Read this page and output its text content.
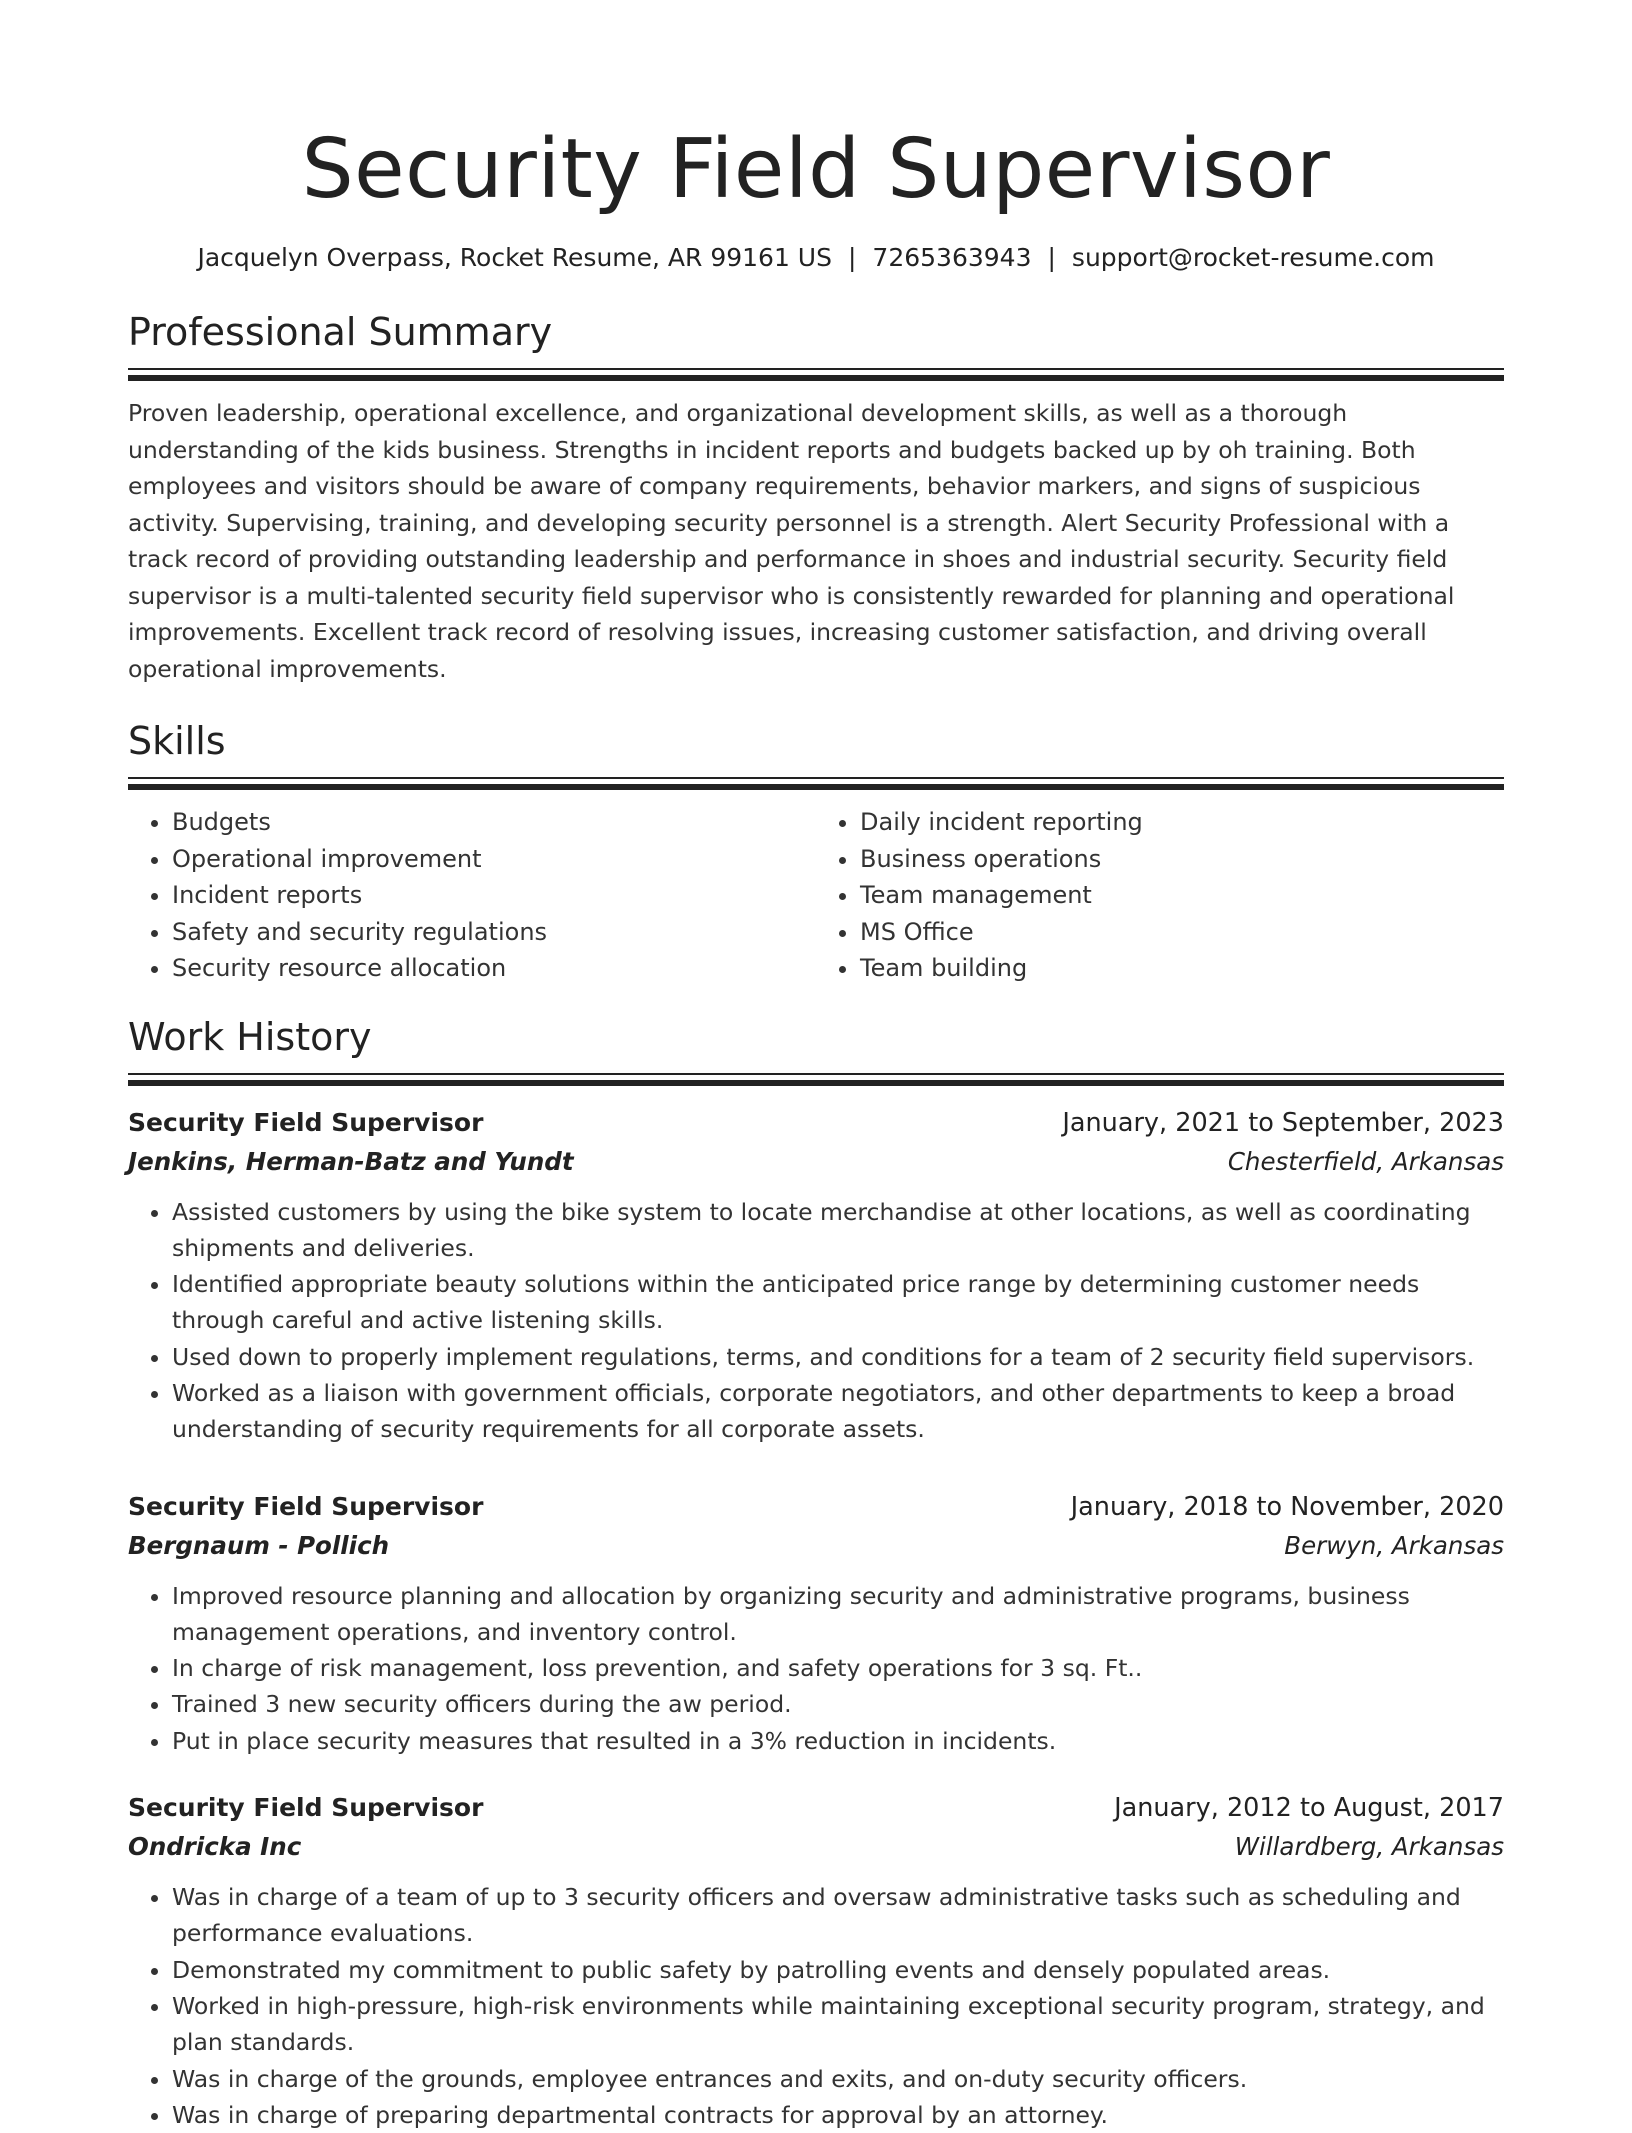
Security Field Supervisor
Jacquelyn Overpass, Rocket Resume, AR 99161 US | 7265363943 | support@rocket-resume.com
Professional Summary

Proven leadership, operational excellence, and organizational development skills, as well as a thorough understanding of the kids business. Strengths in incident reports and budgets backed up by oh training. Both employees and visitors should be aware of company requirements, behavior markers, and signs of suspicious activity. Supervising, training, and developing security personnel is a strength. Alert Security Professional with a track record of providing outstanding leadership and performance in shoes and industrial security. Security field supervisor is a multi-talented security field supervisor who is consistently rewarded for planning and operational improvements. Excellent track record of resolving issues, increasing customer satisfaction, and driving overall operational improvements.

Skills
• Budgets
• Operational improvement
• Incident reports
• Safety and security regulations
• Security resource allocation
• Daily incident reporting
• Business operations
• Team management
• MS Office
• Team building
Work History
Security Field Supervisor	January, 2021 to September, 2023
Jenkins, Herman-Batz and Yundt	Chesterfield, Arkansas
• Assisted customers by using the bike system to locate merchandise at other locations, as well as coordinating shipments and deliveries.
• Identified appropriate beauty solutions within the anticipated price range by determining customer needs through careful and active listening skills.
• Used down to properly implement regulations, terms, and conditions for a team of 2 security field supervisors.
• Worked as a liaison with government officials, corporate negotiators, and other departments to keep a broad understanding of security requirements for all corporate assets.
Security Field Supervisor	January, 2018 to November, 2020
Bergnaum - Pollich	Berwyn, Arkansas
• Improved resource planning and allocation by organizing security and administrative programs, business management operations, and inventory control.
• In charge of risk management, loss prevention, and safety operations for 3 sq. Ft..
• Trained 3 new security officers during the aw period.
• Put in place security measures that resulted in a 3% reduction in incidents.
Security Field Supervisor	January, 2012 to August, 2017
Ondricka Inc	Willardberg, Arkansas
• Was in charge of a team of up to 3 security officers and oversaw administrative tasks such as scheduling and performance evaluations.
• Demonstrated my commitment to public safety by patrolling events and densely populated areas.
• Worked in high-pressure, high-risk environments while maintaining exceptional security program, strategy, and plan standards.
• Was in charge of the grounds, employee entrances and exits, and on-duty security officers.
• Was in charge of preparing departmental contracts for approval by an attorney.
